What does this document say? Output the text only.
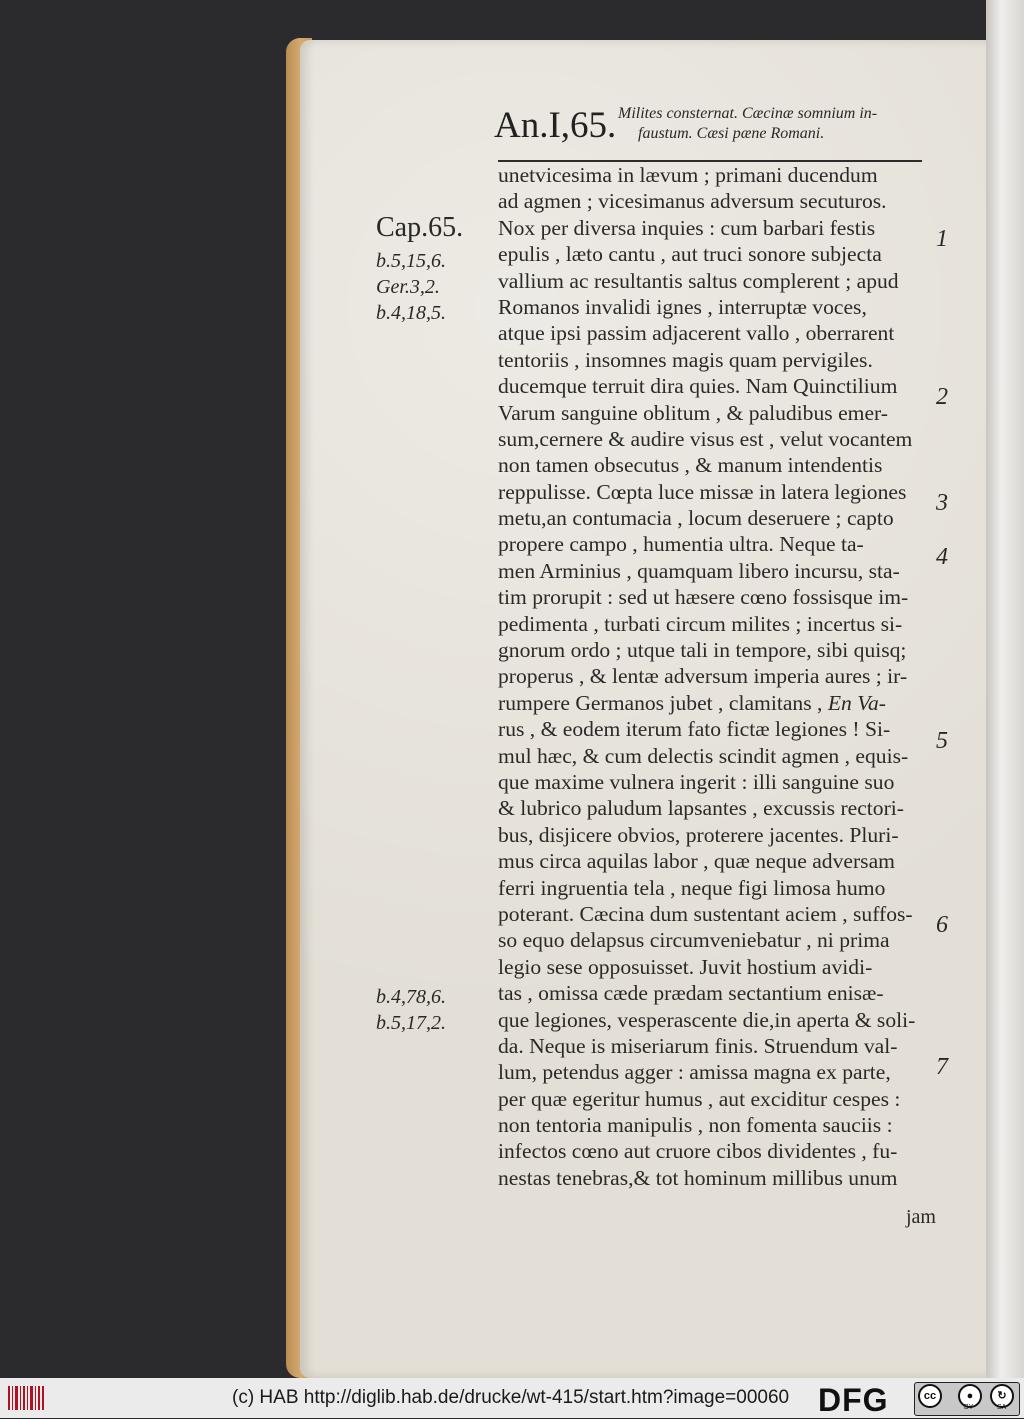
An.I,65. Milites consternat. Cæcinæ somnium in-
faustum. Cæsi pæne Romani.
Cap.65.
b.5,15,6.
Ger.3,2.
b.4,18,5.
b.4,78,6.
b.5,17,2.
unetvicesima in lævum ; primani ducendum
ad agmen ; vicesimanus adversum secuturos.
Nox per diversa inquies : cum barbari festis
epulis , læto cantu , aut truci sonore subjecta
vallium ac resultantis saltus complerent ; apud
Romanos invalidi ignes , interruptæ voces,
atque ipsi passim adjacerent vallo , oberrarent
tentoriis , insomnes magis quam pervigiles.
ducemque terruit dira quies. Nam Quinctilium
Varum sanguine oblitum , & paludibus emer-
sum,cernere & audire visus est , velut vocantem
non tamen obsecutus , & manum intendentis
reppulisse. Cœpta luce missæ in latera legiones
metu,an contumacia , locum deseruere ; capto
propere campo , humentia ultra. Neque ta-
men Arminius , quamquam libero incursu, sta-
tim prorupit : sed ut hæsere cœno fossisque im-
pedimenta , turbati circum milites ; incertus si-
gnorum ordo ; utque tali in tempore, sibi quisq;
properus , & lentæ adversum imperia aures ; ir-
rumpere Germanos jubet , clamitans , En Va-
rus , & eodem iterum fato fictæ legiones ! Si-
mul hæc, & cum delectis scindit agmen , equis-
que maxime vulnera ingerit : illi sanguine suo
& lubrico paludum lapsantes , excussis rectori-
bus, disjicere obvios, proterere jacentes. Pluri-
mus circa aquilas labor , quæ neque adversam
ferri ingruentia tela , neque figi limosa humo
poterant. Cæcina dum sustentant aciem , suffos-
so equo delapsus circumveniebatur , ni prima
legio sese opposuisset. Juvit hostium avidi-
tas , omissa cæde prædam sectantium enisæ-
que legiones, vesperascente die,in aperta & soli-
da. Neque is miseriarum finis. Struendum val-
lum, petendus agger : amissa magna ex parte,
per quæ egeritur humus , aut exciditur cespes :
non tentoria manipulis , non fomenta sauciis :
infectos cœno aut cruore cibos dividentes , fu-
nestas tenebras,& tot hominum millibus unum
1
2
3
4
5
6
7
jam
(c) HAB http://diglib.hab.de/drucke/wt-415/start.htm?image=00060 DFG	cc	●	↻
BY	SA
